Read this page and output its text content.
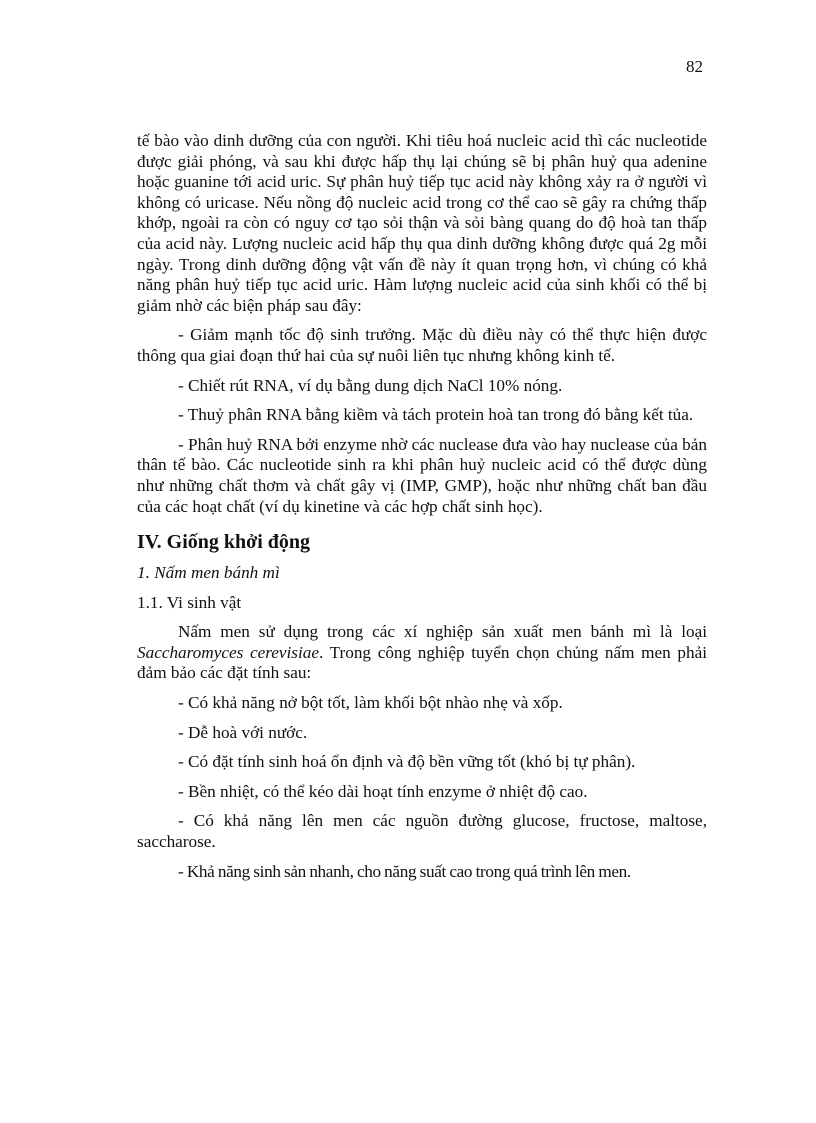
82

tế bào vào dinh dưỡng của con người. Khi tiêu hoá nucleic acid thì các nucleotide được giải phóng, và sau khi được hấp thụ lại chúng sẽ bị phân huỷ qua adenine hoặc guanine tới acid uric. Sự phân huỷ tiếp tục acid này không xảy ra ở người vì không có uricase. Nếu nồng độ nucleic acid trong cơ thể cao sẽ gây ra chứng thấp khớp, ngoài ra còn có nguy cơ tạo sỏi thận và sỏi bàng quang do độ hoà tan thấp của acid này. Lượng nucleic acid hấp thụ qua dinh dưỡng không được quá 2g mỗi ngày. Trong dinh dưỡng động vật vấn đề này ít quan trọng hơn, vì chúng có khả năng phân huỷ tiếp tục acid uric. Hàm lượng nucleic acid của sinh khối có thể bị giảm nhờ các biện pháp sau đây:

- Giảm mạnh tốc độ sinh trưởng. Mặc dù điều này có thể thực hiện được thông qua giai đoạn thứ hai của sự nuôi liên tục nhưng không kinh tế.

- Chiết rút RNA, ví dụ bằng dung dịch NaCl 10% nóng.

- Thuỷ phân RNA bằng kiềm và tách protein hoà tan trong đó bằng kết tủa.

- Phân huỷ RNA bởi enzyme nhờ các nuclease đưa vào hay nuclease của bản thân tế bào. Các nucleotide sinh ra khi phân huỷ nucleic acid có thể được dùng như những chất thơm và chất gây vị (IMP, GMP), hoặc như những chất ban đầu của các hoạt chất (ví dụ kinetine và các hợp chất sinh học).

IV. Giống khởi động

1. Nấm men bánh mì

1.1. Vi sinh vật

Nấm men sử dụng trong các xí nghiệp sản xuất men bánh mì là loại Saccharomyces cerevisiae. Trong công nghiệp tuyển chọn chủng nấm men phải đảm bảo các đặt tính sau:

- Có khả năng nở bột tốt, làm khối bột nhào nhẹ và xốp.

- Dễ hoà với nước.

- Có đặt tính sinh hoá ổn định và độ bền vững tốt (khó bị tự phân).

- Bền nhiệt, có thể kéo dài hoạt tính enzyme ở nhiệt độ cao.

- Có khả năng lên men các nguồn đường glucose, fructose, maltose, saccharose.

- Khả năng sinh sản nhanh, cho năng suất cao trong quá trình lên men.
